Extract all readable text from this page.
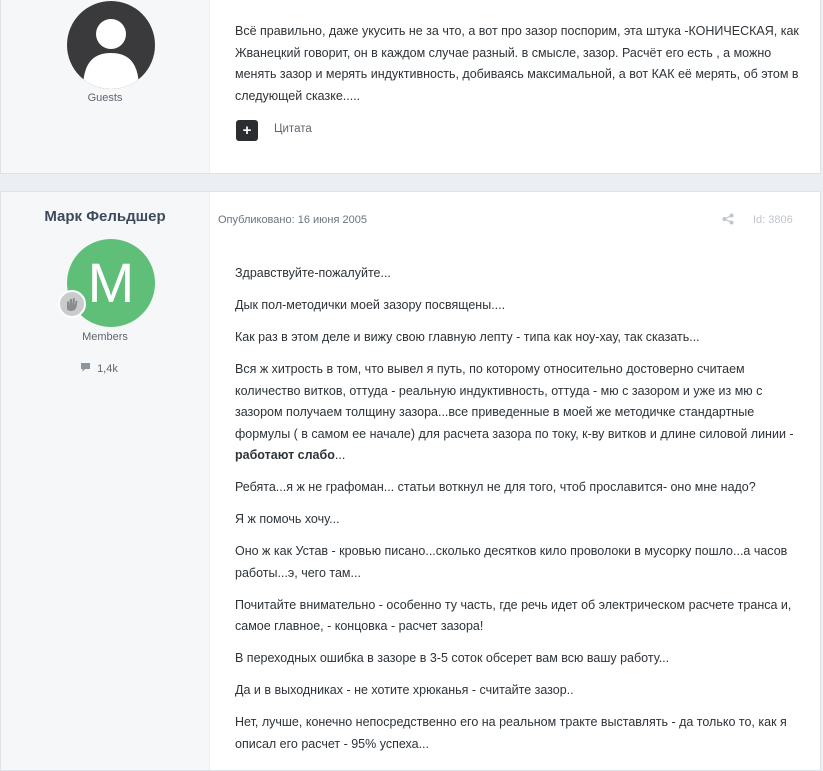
Guests
Всё правильно, даже укусить не за что, а вот про зазор поспорим, эта штука -КОНИЧЕСКАЯ, как Жванецкий говорит, он в каждом случае разный. в смысле, зазор. Расчёт его есть , а можно менять зазор и мерять индуктивность, добиваясь максимальной, а вот КАК её мерять, об этом в следующей сказке.....
+	Цитата
Марк Фельдшер
M
Members
1,4k
Опубликовано: 16 июня 2005	Id: 3806

Здравствуйте-пожалуйте...

Дык пол-методички моей зазору посвящены....

Как раз в этом деле и вижу свою главную лепту - типа как ноу-хау, так сказать...

Вся ж хитрость в том, что вывел я путь, по которому относительно достоверно считаем количество витков, оттуда - реальную индуктивность, оттуда - мю с зазором и уже из мю с зазором получаем толщину зазора...все приведенные в моей же методичке стандартные формулы ( в самом ее начале) для расчета зазора по току, к-ву витков и длине силовой линии - работают слабо...

Ребята...я ж не графоман... статьи воткнул не для того, чтоб прославится- оно мне надо?

Я ж помочь хочу...

Оно ж как Устав - кровью писано...сколько десятков кило проволоки в мусорку пошло...а часов работы...э, чего там...

Почитайте внимательно - особенно ту часть, где речь идет об электрическом расчете транса и, самое главное, - концовка - расчет зазора!

В переходных ошибка в зазоре в 3-5 соток обсерет вам всю вашу работу...

Да и в выходниках - не хотите хрюканья - считайте зазор..

Нет, лучше, конечно непосредственно его на реальном тракте выставлять - да только то, как я описал его расчет - 95% успеха...
